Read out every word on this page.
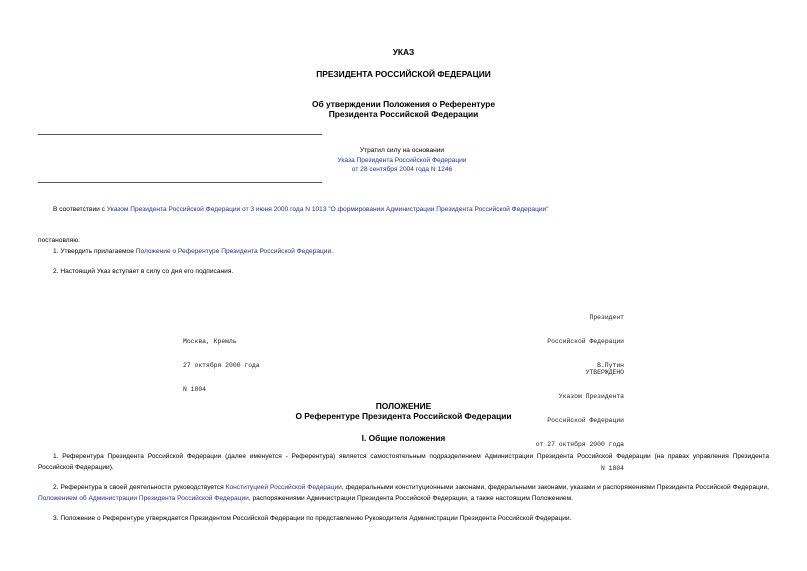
УКАЗ
ПРЕЗИДЕНТА РОССИЙСКОЙ ФЕДЕРАЦИИ
Об утверждении Положения о Референтуре
Президента Российской Федерации
Утратил силу на основании
Указа Президента Российской Федерации
от 28 сентября 2004 года N 1246
В соответствии с Указом Президента Российской Федерации от 3 июня 2000 года N 1013 "О формировании Администрации Президента Российской Федерации"
постановляю:
1. Утвердить прилагаемое Положение о Референтуре Президента Российской Федерации.
2. Настоящий Указ вступает в силу со дня его подписания.

Президент

Российской Федерации

В.Путин

Москва, Кремль

27 октября 2000 года

N 1804

УТВЕРЖДЕНО

Указом Президента

Российской Федерации

от 27 октября 2000 года

N 1804

ПОЛОЖЕНИЕ
О Референтуре Президента Российской Федерации
I. Общие положения
1. Референтура Президента Российской Федерации (далее именуется - Референтура) является самостоятельным подразделением Администрации Президента Российской Федерации (на правах управления Президента Российской Федерации).
2. Референтура в своей деятельности руководствуется Конституцией Российской Федерации, федеральными конституционными законами, федеральными законами, указами и распоряжениями Президента Российской Федерации, Положением об Администрации Президента Российской Федерации, распоряжениями Администрации Президента Российской Федерации, а также настоящим Положением.
3. Положение о Референтуре утверждается Президентом Российской Федерации по представлению Руководителя Администрации Президента Российской Федерации.
